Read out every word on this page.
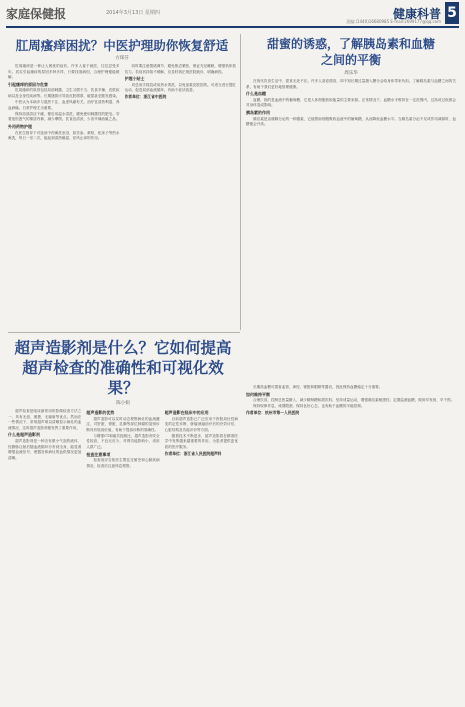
家庭保健报	2014年3月13日 星期四	健康科普 5
责编:(1440)16680985 E-mail:2699177@qq.com
肛周瘙痒困扰？中医护理助你恢复舒适
方琛芬

肛周瘙痒是一种让人困扰的症状，许多人羞于就医，往往忍受多年。其实引起瘙痒的原因多种多样，只要找准病因，合理护理便能缓解。

引起瘙痒的原因与危害

肛周瘙痒的原因包括局部刺激、卫生习惯不当、饮食辛辣、皮肤疾病以及全身性疾病等。长期搔抓可导致皮肤增厚、破损甚至继发感染。

中医认为本病多与湿热下注、血虚风燥有关，治疗宜清热利湿、养血润燥。日常护理尤为重要。

保持局部清洁干燥，便后用温水清洗，避免使用刺激性的肥皂。穿着宽松透气的棉质内裤，减少摩擦。饮食宜清淡，少食辛辣油腻之品。

外用药物护理

在医生指导下可选用中药熏洗坐浴，如苦参、黄柏、蛇床子等煎水熏洗，每日一至二次，能起到清热燥湿、祛风止痒的作用。

同时要注意情绪调节，避免焦虑紧张，保证充足睡眠，增强机体抵抗力。若症状持续不缓解，应及时到正规医院就诊，明确病因。

护理小贴士

切忌用手抓挠或用热水烫洗，以免加重皮肤损伤。可适当进行提肛运动，促进局部血液循环，有助于症状改善。

作者单位：浙江省中医院

甜蜜的诱惑，了解胰岛素和血糖之间的平衡
周乐华

在现代饮食生活中，甜食无处不在。许多人喜爱甜食，却不知长期过量摄入糖分会给身体带来负担。了解胰岛素与血糖之间的关系，有助于我们更好地管理健康。

什么是血糖

血糖，指的是血液中的葡萄糖，它是人体细胞获取能量的主要来源。正常情况下，血糖水平维持在一定范围内，过高或过低都会对身体造成影响。

胰岛素的作用

胰岛素是由胰腺分泌的一种激素，它能帮助细胞吸收血液中的葡萄糖，从而降低血糖水平。当胰岛素分泌不足或作用减弱时，血糖便会升高。

长期高血糖可损害血管、神经、肾脏和眼睛等器官，因此保持血糖稳定十分重要。

如何维持平衡

合理饮食，控制总热量摄入，减少精制糖和甜饮料；坚持适量运动，增强胰岛素敏感性；定期监测血糖，做到早发现、早干预。

保持规律作息，戒烟限酒，保持良好心态，也有助于血糖的平稳控制。

作者单位：杭州市第一人民医院

超声造影剂是什么？它如何提高超声检查的准确性和可视化效果？
陈小娟

超声检查是临床最常用的影像检查方法之一，具有无创、便捷、无辐射等优点。然而在一些情况下，常规超声难以清晰显示病灶的血流情况，这时超声造影剂便发挥了重要作用。

什么是超声造影剂

超声造影剂是一种含有微小气泡的液体，经静脉注射后随血液循环分布到全身，能显著增强血流信号，使器官和病灶的血供情况更加清晰。

超声造影的优势

超声造影可以实时动态观察病灶的血流灌注，对肝脏、肾脏、乳腺等部位肿瘤的鉴别诊断具有较高价值，有助于提高诊断的准确性。

与增强CT和磁共振相比，超声造影剂安全性较高，不良反应少，对肾功能影响小，适用人群广泛。

检查注意事项

检查前应告知医生既往过敏史和心肺疾病情况，检查后注意休息观察。

超声造影在临床中的应用

目前超声造影已广泛应用于肝脏局灶性病变的定性诊断、肿瘤消融治疗后的疗效评估、心脏结构及功能评价等方面。

随着技术不断进步，超声造影将在精准医学中发挥越来越重要的作用，为患者提供更优质的医疗服务。

作者单位：浙江省人民医院超声科
